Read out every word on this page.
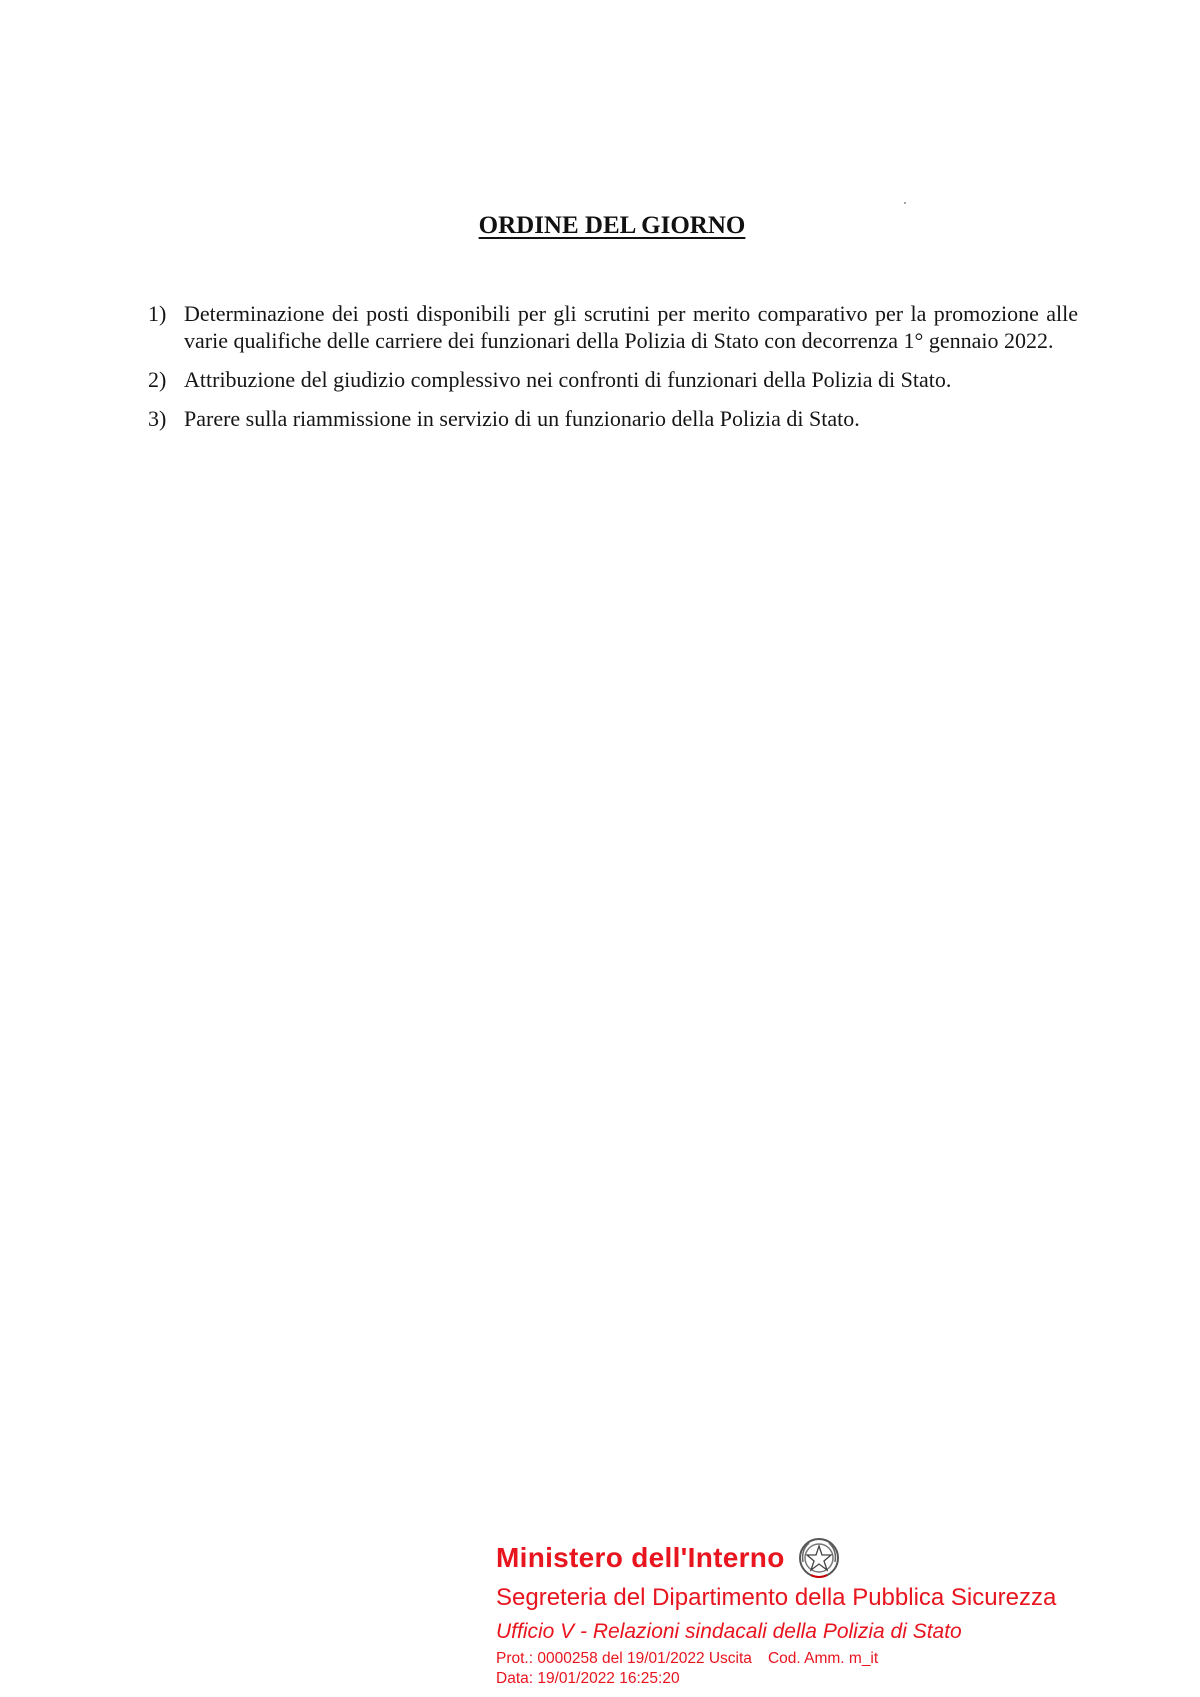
ORDINE DEL GIORNO
1) Determinazione dei posti disponibili per gli scrutini per merito comparativo per la promozione alle varie qualifiche delle carriere dei funzionari della Polizia di Stato con decorrenza 1° gennaio 2022.
2) Attribuzione del giudizio complessivo nei confronti di funzionari della Polizia di Stato.
3) Parere sulla riammissione in servizio di un funzionario della Polizia di Stato.
Ministero dell'Interno
Segreteria del Dipartimento della Pubblica Sicurezza
Ufficio V - Relazioni sindacali della Polizia di Stato
Prot.: 0000258 del 19/01/2022 Uscita Cod. Amm. m_it
Data: 19/01/2022 16:25:20
